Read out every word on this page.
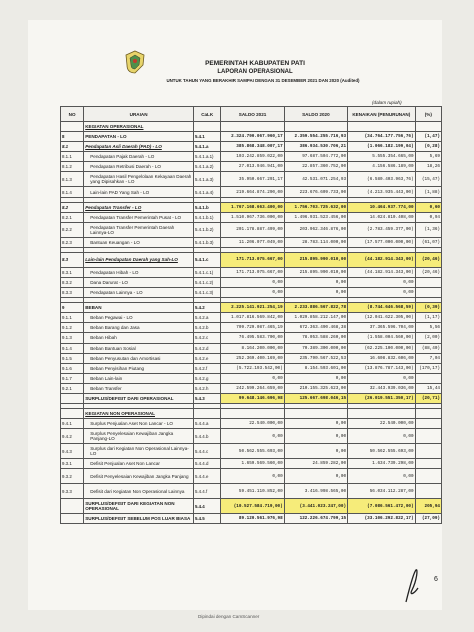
PEMERINTAH KABUPATEN PATI
LAPORAN OPERASIONAL
UNTUK TAHUN YANG BERAKHIR SAMPAI DENGAN 31 DESEMBER 2021 DAN 2020 (Audited)
(dalam rupiah)
NO	URAIAN	CaLK	SALDO 2021	SALDO 2020	KENAIKAN (PENURUNAN)	(%)
	KEGIATAN OPERASIONAL					
8	PENDAPATAN - LO	5.4.1	2.324.790.067.960,17	2.359.554.255.716,93	(34.764.177.756,76)	(1,47)
8.1	Pendapatan Asli Daerah (PAD) - LO	5.4.1.a	385.868.348.007,17	386.934.530.706,21	(1.066.182.199,04)	(0,28)
8.1.1	Pendapatan Pajak Daerah - LO	5.4.1.a.1)	103.242.859.022,00	97.687.504.772,00	5.555.354.665,00	5,69
8.1.2	Pendapatan Retribusi Daerah - LO	5.4.1.a.2)	27.013.946.941,00	22.857.360.752,00	4.156.586.189,00	18,26
8.1.3	Pendapatan Hasil Pengelolaan Kekayaan Daerah yang Dipisahkan - LO	5.4.1.a.3)	35.950.667.291,17	42.531.071.254,93	(6.580.403.963,76)	(15,47)
8.1.4	Lain-lain PAD Yang Sah - LO	5.4.1.a.4)	219.664.874.290,00	223.676.609.733,00	(4.213.935.443,00)	(1,88)

8.2	Pendapatan Transfer - LO	5.4.1.b	1.767.168.663.400,00	1.756.703.725.632,00	10.464.937.774,00	0,60
8.2.1	Pendapatan Transfer Pemerintah Pusat - LO	5.4.1.b.1)	1.510.967.736.000,00	1.496.931.523.456,00	14.024.810.408,00	0,94
8.2.2	Pendapatan Transfer Pemerintah Daerah Lainnya-LO	5.4.1.b.2)	201.178.887.499,00	203.962.346.876,00	(2.783.459.377,00)	(1,36)
8.2.3	Bantuan Keuangan - LO	5.4.1.b.3)	11.206.077.049,00	28.783.114.000,00	(17.577.000.000,00)	(61,07)

8.3	Lain-lain Pendapatan Daerah yang Sah-LO	5.4.1.c	171.713.075.667,00	215.895.990.010,00	(44.182.914.343,00)	(20,46)
8.3.1	Pendapatan Hibah - LO	5.4.1.c.1)	171.713.075.667,00	215.895.990.010,00	(44.182.914.343,00)	(20,46)
8.3.2	Dana Darurat - LO	5.4.1.c.2)	0,00	0,00	0,00	
8.3.3	Pendapatan Lainnya - LO	5.4.1.c.3)	0,00	0,00	0,00	

9	BEBAN	5.4.2	2.225.141.921.254,19	2.233.886.567.822,78	(8.744.646.568,59)	(0,39)
9.1.1	Beban Pegawai - LO	5.4.2.a	1.017.816.569.842,00	1.029.858.212.147,00	(12.041.622.305,00)	(1,17)
9.1.2	Beban Barang dan Jasa	5.4.2.b	709.729.087.465,19	672.363.490.468,38	37.365.596.704,00	5,56
9.1.3	Beban Hibah	5.4.2.c	76.495.583.700,00	78.053.588.260,00	(1.558.004.560,00)	(2,00)
9.1.4	Beban Bantuan Sosial	5.4.2.d	8.164.200.000,00	70.389.300.000,00	(62.225.100.000,00)	(88,40)
9.1.5	Beban Penyusutan dan Amortisasi	5.4.2.e	252.369.400.169,00	235.790.567.522,53	16.608.832.606,00	7,04
9.1.6	Beban Penyisihan Piutang	5.4.2.f	(5.722.193.542,00)	8.154.593.601,00	(13.876.787.143,00)	(170,17)
9.1.7	Beban Lain-lain	5.4.2.g	0,00	0,00	0,00	
9.2.1	Beban Transfer	5.4.2.h	242.599.264.659,00	210.155.325.623,00	32.443.939.036,00	15,44
	SURPLUS/DEFISIT DARI OPERASIONAL	5.4.3	99.648.146.696,98	125.667.698.046,15	(26.019.551.350,17)	(20,71)

	KEGIATAN NON OPERASIONAL					
9.4.1	Surplus Penjualan Aset Non Lancar - LO	5.4.4.a	22.540.000,00	0,00	22.540.000,00	
9.4.2	Surplus Penyelesaian Kewajiban Jangka Panjang-LO	5.4.4.b	0,00	0,00	0,00	
9.4.3	Surplus dari Kegiatan Non Operasional Lainnya-LO	5.4.4.c	50.562.555.693,00	0,00	50.562.555.693,00	
9.3.1	Defisit Penjualan Aset Non Lancar	5.4.4.d	1.659.569.560,00	24.859.282,00	1.634.739.298,00	
9.3.2	Defisit Penyelesaian Kewajiban Jangka Panjang	5.4.4.e	0,00	0,00	0,00	
9.3.3	Defisit dari Kegiatan Non Operasional Lainnya	5.4.4.f	59.451.110.852,00	3.416.998.565,00	56.034.112.287,00	
	SURPLUS/DEFISIT DARI KEGIATAN NON OPERASIONAL	5.4.4	(10.527.584.719,00)	(3.441.023.247,00)	(7.086.561.472,00)	205,94
	SURPLUS/DEFISIT SEBELUM POS LUAR BIASA	5.4.5	89.120.561.976,98	122.226.674.799,15	(33.106.292.822,17)	(27,09)
6
Dipindai dengan CamScanner
